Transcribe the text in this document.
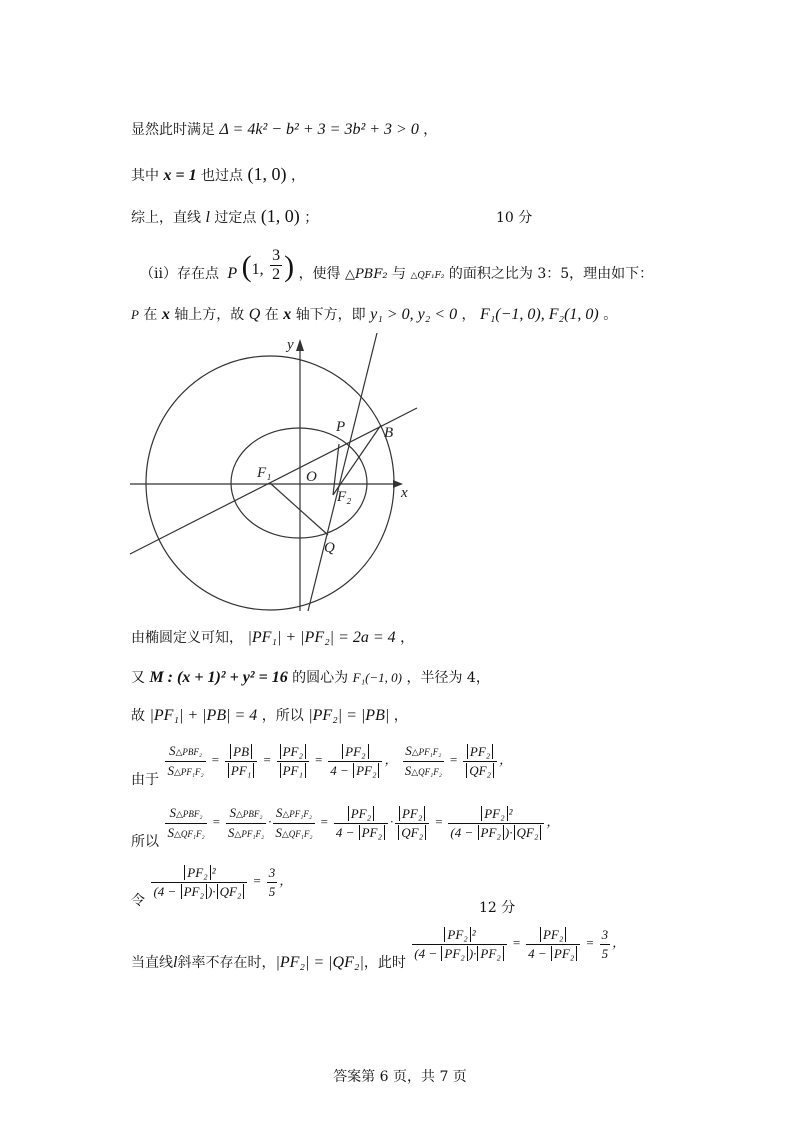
显然此时满足 Δ = 4k² − b² + 3 = 3b² + 3 > 0 ，
其中 x = 1 也过点 (1, 0) ，
综上，直线 l 过定点 (1, 0) ；	10 分
（ii）存在点 P (1, $\frac{3}{2}$ ) ，使得 △PBF₂ 与 $_{\triangle QF_1F_2}$ 的面积之比为 3：5，理由如下：
P 在 x 轴上方，故 Q 在 x 轴下方，即 y₁ > 0, y₂ < 0 ， F₁(−1, 0), F₂(1, 0) 。
y
x
P	B
F₁ O
F₂
Q
由椭圆定义可知， |PF₁| + |PF₂| = 2a = 4 ，
又 M : (x + 1)² + y² = 16 的圆心为 F₁(−1, 0) ，半径为 4，
故 |PF₁| + |PB| = 4 ，所以 |PF₂| = |PB| ，
由于 $\frac{\text{S△PBF₂}}{\text{S△PF₁F₂}} = \frac{PB}{\text{PF₁}} = \frac{\text{PF₂}}{\text{PF₁}} = \frac{\text{PF₂}}{\text{4 − PF₂}}$ ， $\frac{\text{S△PF₁F₂}}{\text{S△QF₁F₂}} = \frac{\text{PF₂}}{\text{QF₂}}$ ，
所以 $\frac{\text{S△PBF₂}}{\text{S△QF₁F₂}} = \frac{\text{S△PBF₂}}{\text{S△PF₁F₂}} \cdot \frac{\text{S△PF₁F₂}}{\text{S△QF₁F₂}} = \frac{\text{PF₂}}{\text{4 − PF₂}} \cdot \frac{\text{PF₂}}{\text{QF₂}} = \frac{\text{PF₂ ²}}{\text{(4 − PF₂ )· QF₂}}$ ，
令
$\frac{\text{PF₂ ²}}{\text{(4 − PF₂ )· QF₂}} = \frac{3}{5}$ ，
12 分
当直线l斜率不存在时，|PF₂| = |QF₂|，此时
$\frac{\text{PF₂ ²}}{\text{(4 − PF₂ )· PF₂}} = \frac{\text{PF₂}}{\text{4 − PF₂}} = \frac{3}{5}$ ，
答案第 6 页，共 7 页
